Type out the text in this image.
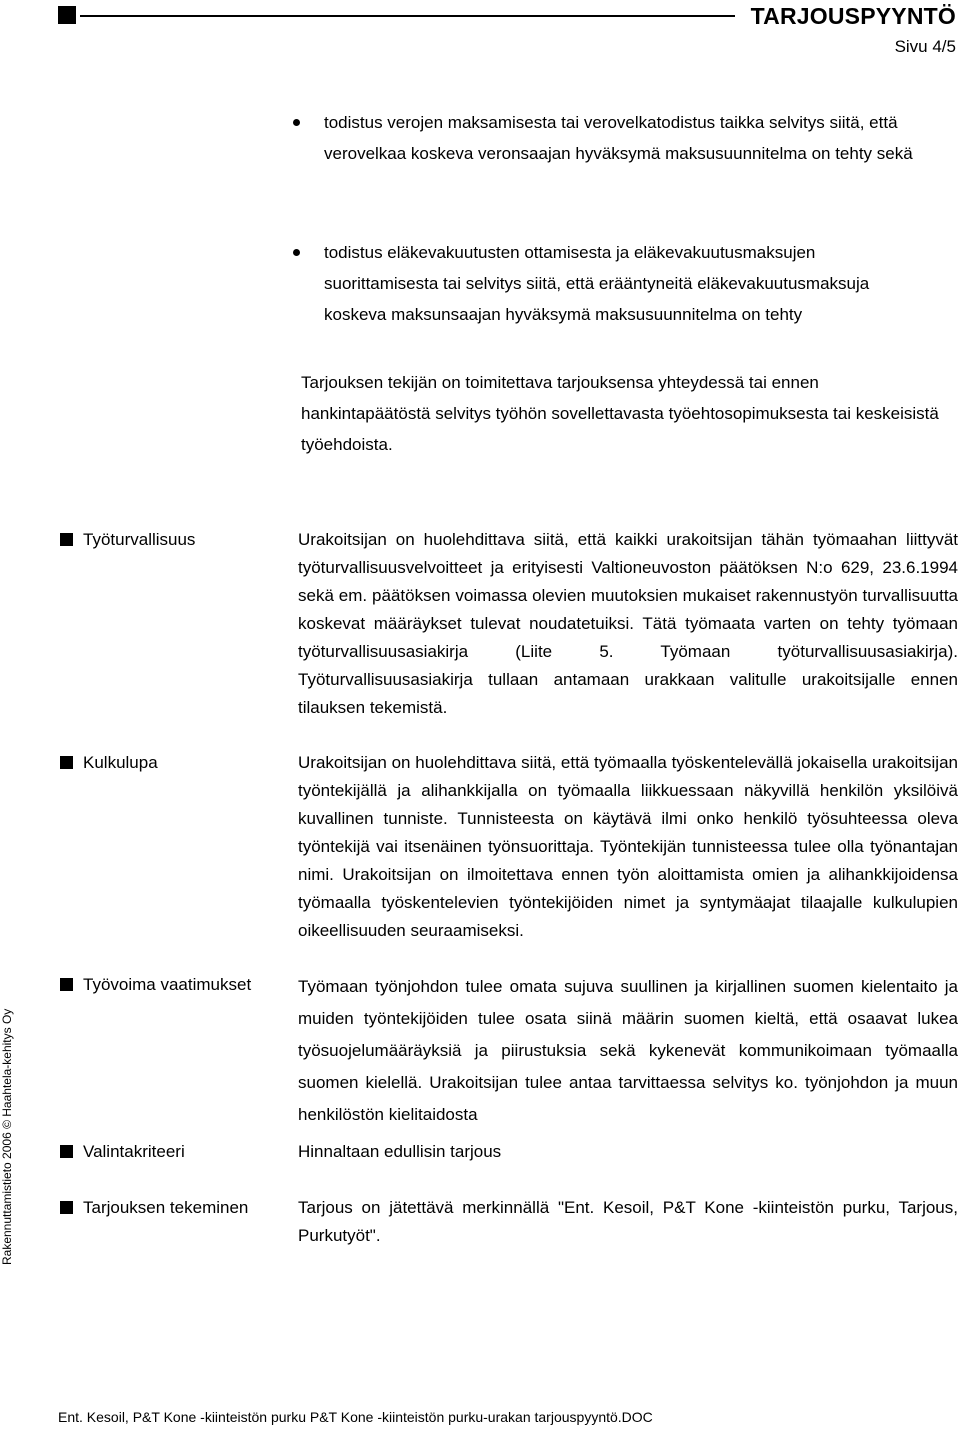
TARJOUSPYYNTÖ
Sivu 4/5
todistus verojen maksamisesta tai verovelkatodistus taikka selvitys siitä, että verovelkaa koskeva veronsaajan hyväksymä maksusuunnitelma on tehty sekä
todistus eläkevakuutusten ottamisesta ja eläkevakuutusmaksujen suorittamisesta tai selvitys siitä, että erääntyneitä eläkevakuutusmaksuja koskeva maksunsaajan hyväksymä maksusuunnitelma on tehty
Tarjouksen tekijän on toimitettava tarjouksensa yhteydessä tai ennen hankintapäätöstä selvitys työhön sovellettavasta työehtosopimuksesta tai keskeisistä työehdoista.
Työturvallisuus	Urakoitsijan on huolehdittava siitä, että kaikki urakoitsijan tähän työmaahan liittyvät työturvallisuusvelvoitteet ja erityisesti Valtioneuvoston päätöksen N:o 629, 23.6.1994 sekä em. päätöksen voimassa olevien muutoksien mukaiset rakennustyön turvallisuutta koskevat määräykset tulevat noudatetuiksi. Tätä työmaata varten on tehty työmaan työturvallisuusasiakirja (Liite 5. Työmaan työturvallisuusasiakirja). Työturvallisuusasiakirja tullaan antamaan urakkaan valitulle urakoitsijalle ennen tilauksen tekemistä.
Kulkulupa	Urakoitsijan on huolehdittava siitä, että työmaalla työskentelevällä jokaisella urakoitsijan työntekijällä ja alihankkijalla on työmaalla liikkuessaan näkyvillä henkilön yksilöivä kuvallinen tunniste. Tunnisteesta on käytävä ilmi onko henkilö työsuhteessa oleva työntekijä vai itsenäinen työnsuorittaja. Työntekijän tunnisteessa tulee olla työnantajan nimi. Urakoitsijan on ilmoitettava ennen työn aloittamista omien ja alihankkijoidensa työmaalla työskentelevien työntekijöiden nimet ja syntymäajat tilaajalle kulkulupien oikeellisuuden seuraamiseksi.
Työvoima vaatimukset	Työmaan työnjohdon tulee omata sujuva suullinen ja kirjallinen suomen kielentaito ja muiden työntekijöiden tulee osata siinä määrin suomen kieltä, että osaavat lukea työsuojelumääräyksiä ja piirustuksia sekä kykenevät kommunikoimaan työmaalla suomen kielellä. Urakoitsijan tulee antaa tarvittaessa selvitys ko. työnjohdon ja muun henkilöstön kielitaidosta
Valintakriteeri	Hinnaltaan edullisin tarjous
Tarjouksen tekeminen	Tarjous on jätettävä merkinnällä "Ent. Kesoil, P&T Kone -kiinteistön purku, Tarjous, Purkutyöt".
Rakennuttamistieto 2006 © Haahtela-kehitys Oy
Ent. Kesoil, P&T Kone -kiinteistön purku P&T Kone -kiinteistön purku-urakan tarjouspyyntö.DOC
